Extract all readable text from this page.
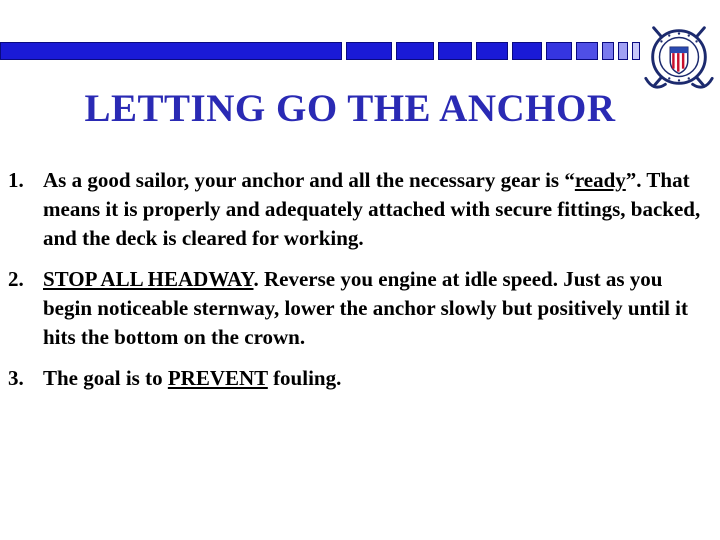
LETTING GO THE ANCHOR
1. As a good sailor, your anchor and all the necessary gear is “ready”. That means it is properly and adequately attached with secure fittings, backed, and the deck is cleared for working.
2. STOP ALL HEADWAY. Reverse you engine at idle speed. Just as you begin noticeable sternway, lower the anchor slowly but positively until it hits the bottom on the crown.
3. The goal is to PREVENT fouling.
